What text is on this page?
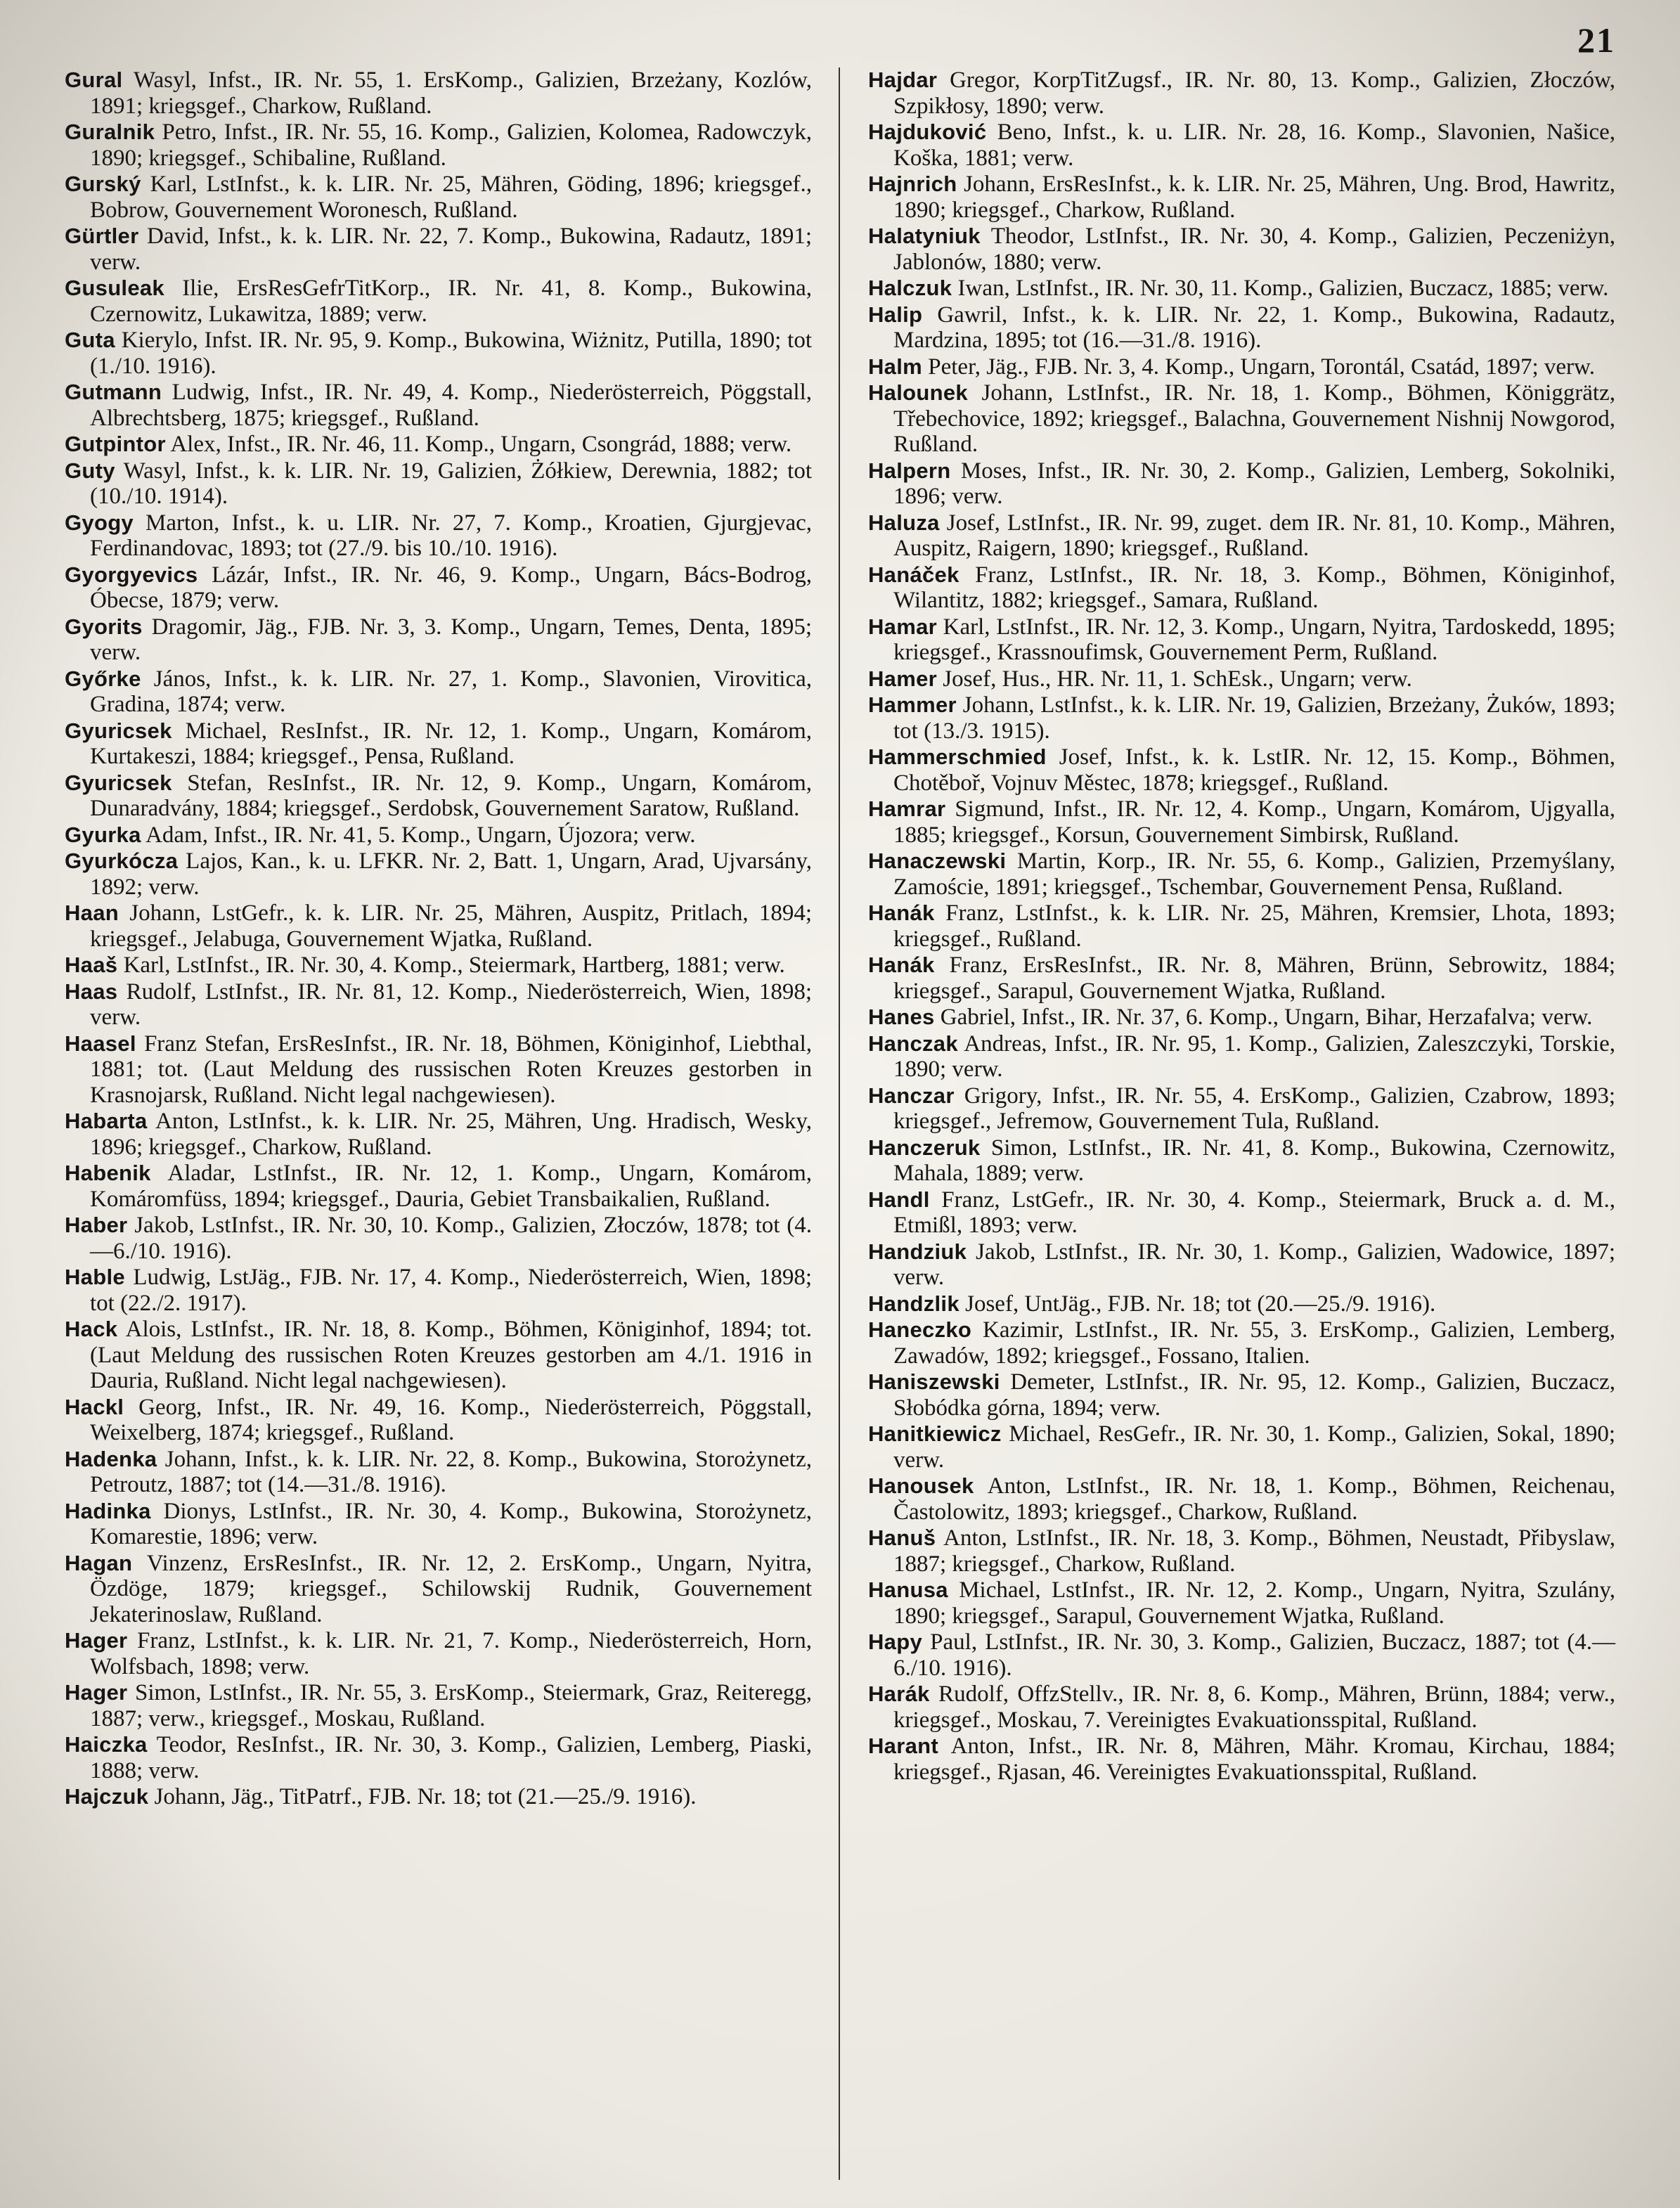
21

Gural Wasyl, Infst., IR. Nr. 55, 1. ErsKomp., Galizien, Brzeżany, Kozlów, 1891; kriegsgef., Charkow, Rußland.

Guralnik Petro, Infst., IR. Nr. 55, 16. Komp., Galizien, Kolomea, Radowczyk, 1890; kriegsgef., Schibaline, Rußland.

Gurský Karl, LstInfst., k. k. LIR. Nr. 25, Mähren, Göding, 1896; kriegsgef., Bobrow, Gouvernement Woronesch, Rußland.

Gürtler David, Infst., k. k. LIR. Nr. 22, 7. Komp., Bukowina, Radautz, 1891; verw.

Gusuleak Ilie, ErsResGefrTitKorp., IR. Nr. 41, 8. Komp., Bukowina, Czernowitz, Lukawitza, 1889; verw.

Guta Kierylo, Infst. IR. Nr. 95, 9. Komp., Bukowina, Wiżnitz, Putilla, 1890; tot (1./10. 1916).

Gutmann Ludwig, Infst., IR. Nr. 49, 4. Komp., Niederösterreich, Pöggstall, Albrechtsberg, 1875; kriegsgef., Rußland.

Gutpintor Alex, Infst., IR. Nr. 46, 11. Komp., Ungarn, Csongrád, 1888; verw.

Guty Wasyl, Infst., k. k. LIR. Nr. 19, Galizien, Żółkiew, Derewnia, 1882; tot (10./10. 1914).

Gyogy Marton, Infst., k. u. LIR. Nr. 27, 7. Komp., Kroatien, Gjurgjevac, Ferdinandovac, 1893; tot (27./9. bis 10./10. 1916).

Gyorgyevics Lázár, Infst., IR. Nr. 46, 9. Komp., Ungarn, Bács-Bodrog, Óbecse, 1879; verw.

Gyorits Dragomir, Jäg., FJB. Nr. 3, 3. Komp., Ungarn, Temes, Denta, 1895; verw.

Győrke János, Infst., k. k. LIR. Nr. 27, 1. Komp., Slavonien, Virovitica, Gradina, 1874; verw.

Gyuricsek Michael, ResInfst., IR. Nr. 12, 1. Komp., Ungarn, Komárom, Kurtakeszi, 1884; kriegsgef., Pensa, Rußland.

Gyuricsek Stefan, ResInfst., IR. Nr. 12, 9. Komp., Ungarn, Komárom, Dunaradvány, 1884; kriegsgef., Serdobsk, Gouvernement Saratow, Rußland.

Gyurka Adam, Infst., IR. Nr. 41, 5. Komp., Ungarn, Újozora; verw.

Gyurkócza Lajos, Kan., k. u. LFKR. Nr. 2, Batt. 1, Ungarn, Arad, Ujvarsány, 1892; verw.

Haan Johann, LstGefr., k. k. LIR. Nr. 25, Mähren, Auspitz, Pritlach, 1894; kriegsgef., Jelabuga, Gouvernement Wjatka, Rußland.

Haaš Karl, LstInfst., IR. Nr. 30, 4. Komp., Steiermark, Hartberg, 1881; verw.

Haas Rudolf, LstInfst., IR. Nr. 81, 12. Komp., Niederösterreich, Wien, 1898; verw.

Haasel Franz Stefan, ErsResInfst., IR. Nr. 18, Böhmen, Königinhof, Liebthal, 1881; tot. (Laut Meldung des russischen Roten Kreuzes gestorben in Krasnojarsk, Rußland. Nicht legal nachgewiesen).

Habarta Anton, LstInfst., k. k. LIR. Nr. 25, Mähren, Ung. Hradisch, Wesky, 1896; kriegsgef., Charkow, Rußland.

Habenik Aladar, LstInfst., IR. Nr. 12, 1. Komp., Ungarn, Komárom, Komáromfüss, 1894; kriegsgef., Dauria, Gebiet Transbaikalien, Rußland.

Haber Jakob, LstInfst., IR. Nr. 30, 10. Komp., Galizien, Złoczów, 1878; tot (4.—6./10. 1916).

Hable Ludwig, LstJäg., FJB. Nr. 17, 4. Komp., Niederösterreich, Wien, 1898; tot (22./2. 1917).

Hack Alois, LstInfst., IR. Nr. 18, 8. Komp., Böhmen, Königinhof, 1894; tot. (Laut Meldung des russischen Roten Kreuzes gestorben am 4./1. 1916 in Dauria, Rußland. Nicht legal nachgewiesen).

Hackl Georg, Infst., IR. Nr. 49, 16. Komp., Niederösterreich, Pöggstall, Weixelberg, 1874; kriegsgef., Rußland.

Hadenka Johann, Infst., k. k. LIR. Nr. 22, 8. Komp., Bukowina, Storożynetz, Petroutz, 1887; tot (14.—31./8. 1916).

Hadinka Dionys, LstInfst., IR. Nr. 30, 4. Komp., Bukowina, Storożynetz, Komarestie, 1896; verw.

Hagan Vinzenz, ErsResInfst., IR. Nr. 12, 2. ErsKomp., Ungarn, Nyitra, Özdöge, 1879; kriegsgef., Schilowskij Rudnik, Gouvernement Jekaterinoslaw, Rußland.

Hager Franz, LstInfst., k. k. LIR. Nr. 21, 7. Komp., Niederösterreich, Horn, Wolfsbach, 1898; verw.

Hager Simon, LstInfst., IR. Nr. 55, 3. ErsKomp., Steiermark, Graz, Reiteregg, 1887; verw., kriegsgef., Moskau, Rußland.

Haiczka Teodor, ResInfst., IR. Nr. 30, 3. Komp., Galizien, Lemberg, Piaski, 1888; verw.

Hajczuk Johann, Jäg., TitPatrf., FJB. Nr. 18; tot (21.—25./9. 1916).

Hajdar Gregor, KorpTitZugsf., IR. Nr. 80, 13. Komp., Galizien, Złoczów, Szpikłosy, 1890; verw.

Hajduković Beno, Infst., k. u. LIR. Nr. 28, 16. Komp., Slavonien, Našice, Koška, 1881; verw.

Hajnrich Johann, ErsResInfst., k. k. LIR. Nr. 25, Mähren, Ung. Brod, Hawritz, 1890; kriegsgef., Charkow, Rußland.

Halatyniuk Theodor, LstInfst., IR. Nr. 30, 4. Komp., Galizien, Peczeniżyn, Jablonów, 1880; verw.

Halczuk Iwan, LstInfst., IR. Nr. 30, 11. Komp., Galizien, Buczacz, 1885; verw.

Halip Gawril, Infst., k. k. LIR. Nr. 22, 1. Komp., Bukowina, Radautz, Mardzina, 1895; tot (16.—31./8. 1916).

Halm Peter, Jäg., FJB. Nr. 3, 4. Komp., Ungarn, Torontál, Csatád, 1897; verw.

Halounek Johann, LstInfst., IR. Nr. 18, 1. Komp., Böhmen, Königgrätz, Třebechovice, 1892; kriegsgef., Balachna, Gouvernement Nishnij Nowgorod, Rußland.

Halpern Moses, Infst., IR. Nr. 30, 2. Komp., Galizien, Lemberg, Sokolniki, 1896; verw.

Haluza Josef, LstInfst., IR. Nr. 99, zuget. dem IR. Nr. 81, 10. Komp., Mähren, Auspitz, Raigern, 1890; kriegsgef., Rußland.

Hanáček Franz, LstInfst., IR. Nr. 18, 3. Komp., Böhmen, Königinhof, Wilantitz, 1882; kriegsgef., Samara, Rußland.

Hamar Karl, LstInfst., IR. Nr. 12, 3. Komp., Ungarn, Nyitra, Tardoskedd, 1895; kriegsgef., Krassnoufimsk, Gouvernement Perm, Rußland.

Hamer Josef, Hus., HR. Nr. 11, 1. SchEsk., Ungarn; verw.

Hammer Johann, LstInfst., k. k. LIR. Nr. 19, Galizien, Brzeżany, Żuków, 1893; tot (13./3. 1915).

Hammerschmied Josef, Infst., k. k. LstIR. Nr. 12, 15. Komp., Böhmen, Chotěboř, Vojnuv Městec, 1878; kriegsgef., Rußland.

Hamrar Sigmund, Infst., IR. Nr. 12, 4. Komp., Ungarn, Komárom, Ujgyalla, 1885; kriegsgef., Korsun, Gouvernement Simbirsk, Rußland.

Hanaczewski Martin, Korp., IR. Nr. 55, 6. Komp., Galizien, Przemyślany, Zamoście, 1891; kriegsgef., Tschembar, Gouvernement Pensa, Rußland.

Hanák Franz, LstInfst., k. k. LIR. Nr. 25, Mähren, Kremsier, Lhota, 1893; kriegsgef., Rußland.

Hanák Franz, ErsResInfst., IR. Nr. 8, Mähren, Brünn, Sebrowitz, 1884; kriegsgef., Sarapul, Gouvernement Wjatka, Rußland.

Hanes Gabriel, Infst., IR. Nr. 37, 6. Komp., Ungarn, Bihar, Herzafalva; verw.

Hanczak Andreas, Infst., IR. Nr. 95, 1. Komp., Galizien, Zaleszczyki, Torskie, 1890; verw.

Hanczar Grigory, Infst., IR. Nr. 55, 4. ErsKomp., Galizien, Czabrow, 1893; kriegsgef., Jefremow, Gouvernement Tula, Rußland.

Hanczeruk Simon, LstInfst., IR. Nr. 41, 8. Komp., Bukowina, Czernowitz, Mahala, 1889; verw.

Handl Franz, LstGefr., IR. Nr. 30, 4. Komp., Steiermark, Bruck a. d. M., Etmißl, 1893; verw.

Handziuk Jakob, LstInfst., IR. Nr. 30, 1. Komp., Galizien, Wadowice, 1897; verw.

Handzlik Josef, UntJäg., FJB. Nr. 18; tot (20.—25./9. 1916).

Haneczko Kazimir, LstInfst., IR. Nr. 55, 3. ErsKomp., Galizien, Lemberg, Zawadów, 1892; kriegsgef., Fossano, Italien.

Haniszewski Demeter, LstInfst., IR. Nr. 95, 12. Komp., Galizien, Buczacz, Słobódka górna, 1894; verw.

Hanitkiewicz Michael, ResGefr., IR. Nr. 30, 1. Komp., Galizien, Sokal, 1890; verw.

Hanousek Anton, LstInfst., IR. Nr. 18, 1. Komp., Böhmen, Reichenau, Častolowitz, 1893; kriegsgef., Charkow, Rußland.

Hanuš Anton, LstInfst., IR. Nr. 18, 3. Komp., Böhmen, Neustadt, Přibyslaw, 1887; kriegsgef., Charkow, Rußland.

Hanusa Michael, LstInfst., IR. Nr. 12, 2. Komp., Ungarn, Nyitra, Szulány, 1890; kriegsgef., Sarapul, Gouvernement Wjatka, Rußland.

Hapy Paul, LstInfst., IR. Nr. 30, 3. Komp., Galizien, Buczacz, 1887; tot (4.—6./10. 1916).

Harák Rudolf, OffzStellv., IR. Nr. 8, 6. Komp., Mähren, Brünn, 1884; verw., kriegsgef., Moskau, 7. Vereinigtes Evakuationsspital, Rußland.

Harant Anton, Infst., IR. Nr. 8, Mähren, Mähr. Kromau, Kirchau, 1884; kriegsgef., Rjasan, 46. Vereinigtes Evakuationsspital, Rußland.
